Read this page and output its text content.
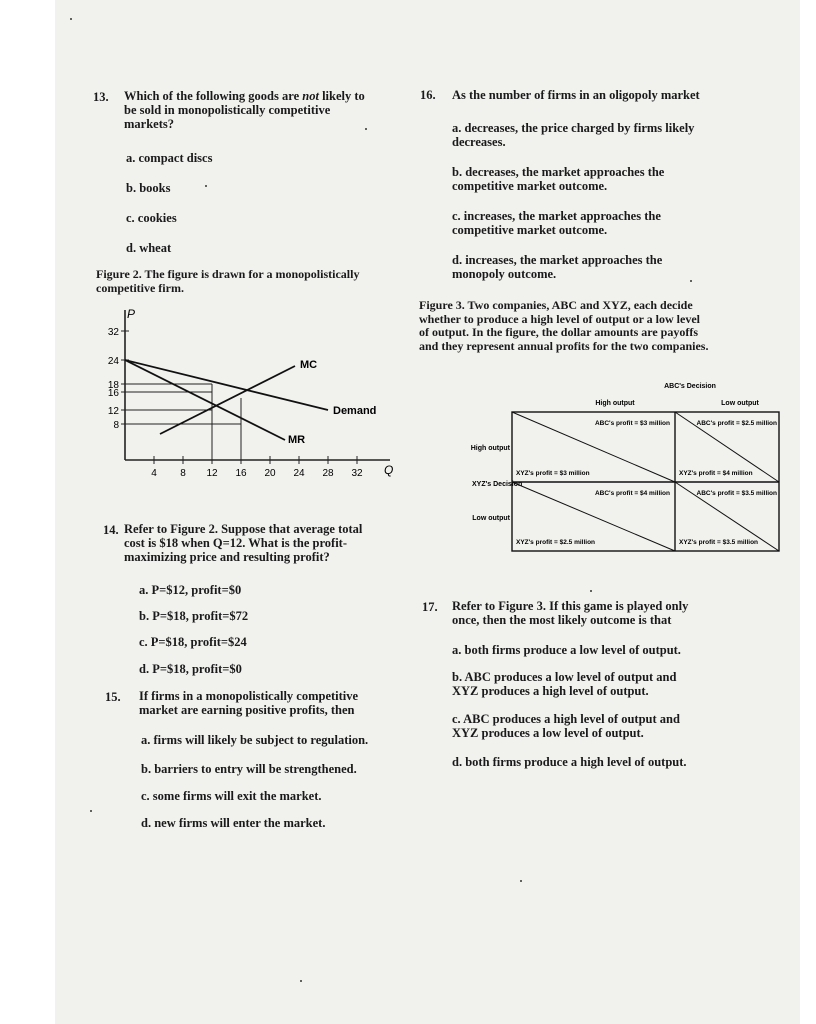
13. Which of the following goods are not likely to be sold in monopolistically competitive markets?
a. compact discs
b. books
c. cookies
d. wheat
Figure 2. The figure is drawn for a monopolistically competitive firm.
P
Q
32
24
18
16
12
8
4 8 12 16 20 24 28 32
Demand
MR
MC
14. Refer to Figure 2. Suppose that average total cost is $18 when Q=12. What is the profit-maximizing price and resulting profit?
a. P=$12, profit=$0
b. P=$18, profit=$72
c. P=$18, profit=$24
d. P=$18, profit=$0
15. If firms in a monopolistically competitive market are earning positive profits, then
a. firms will likely be subject to regulation.
b. barriers to entry will be strengthened.
c. some firms will exit the market.
d. new firms will enter the market.
16. As the number of firms in an oligopoly market
a. decreases, the price charged by firms likely decreases.
b. decreases, the market approaches the competitive market outcome.
c. increases, the market approaches the competitive market outcome.
d. increases, the market approaches the monopoly outcome.
Figure 3. Two companies, ABC and XYZ, each decide whether to produce a high level of output or a low level of output. In the figure, the dollar amounts are payoffs and they represent annual profits for the two companies.
ABC's Decision
High output	Low output
High output
Low output
XYZ's Decision
ABC's profit = $3 million
XYZ's profit = $3 million
ABC's profit = $2.5 million
XYZ's profit = $4 million
ABC's profit = $4 million
XYZ's profit = $2.5 million
ABC's profit = $3.5 million
XYZ's profit = $3.5 million
17. Refer to Figure 3. If this game is played only once, then the most likely outcome is that
a. both firms produce a low level of output.
b. ABC produces a low level of output and XYZ produces a high level of output.
c. ABC produces a high level of output and XYZ produces a low level of output.
d. both firms produce a high level of output.
